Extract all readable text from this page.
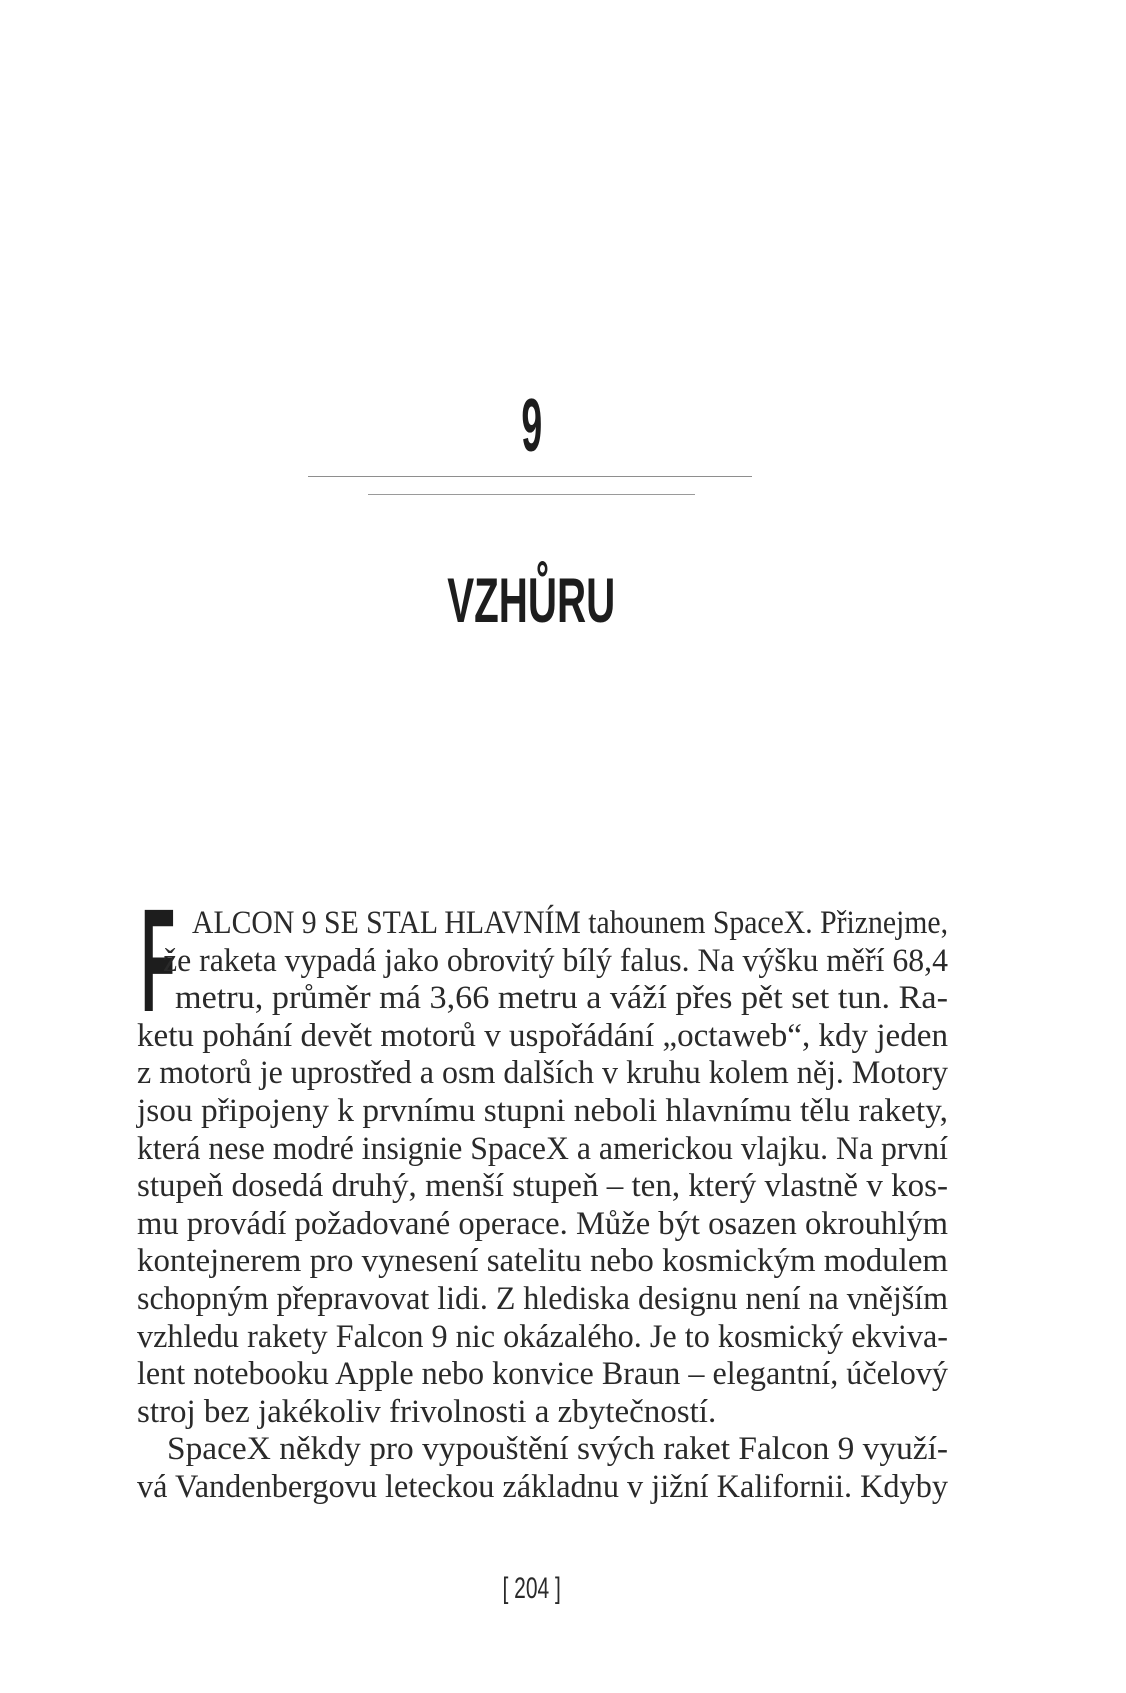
9
VZHŮRU
F ALCON 9 SE STAL HLAVNÍM tahounem SpaceX. Přiznejme,
že raketa vypadá jako obrovitý bílý falus. Na výšku měří 68,4
metru, průměr má 3,66 metru a váží přes pět set tun. Ra-
ketu pohání devět motorů v uspořádání „octaweb“, kdy jeden
z motorů je uprostřed a osm dalších v kruhu kolem něj. Motory
jsou připojeny k prvnímu stupni neboli hlavnímu tělu rakety,
která nese modré insignie SpaceX a americkou vlajku. Na první
stupeň dosedá druhý, menší stupeň – ten, který vlastně v kos-
mu provádí požadované operace. Může být osazen okrouhlým
kontejnerem pro vynesení satelitu nebo kosmickým modulem
schopným přepravovat lidi. Z hlediska designu není na vnějším
vzhledu rakety Falcon 9 nic okázalého. Je to kosmický ekviva-
lent notebooku Apple nebo konvice Braun – elegantní, účelový
stroj bez jakékoliv frivolnosti a zbytečností.
SpaceX někdy pro vypouštění svých raket Falcon 9 využí-
vá Vandenbergovu leteckou základnu v jižní Kalifornii. Kdyby
[ 204 ]
